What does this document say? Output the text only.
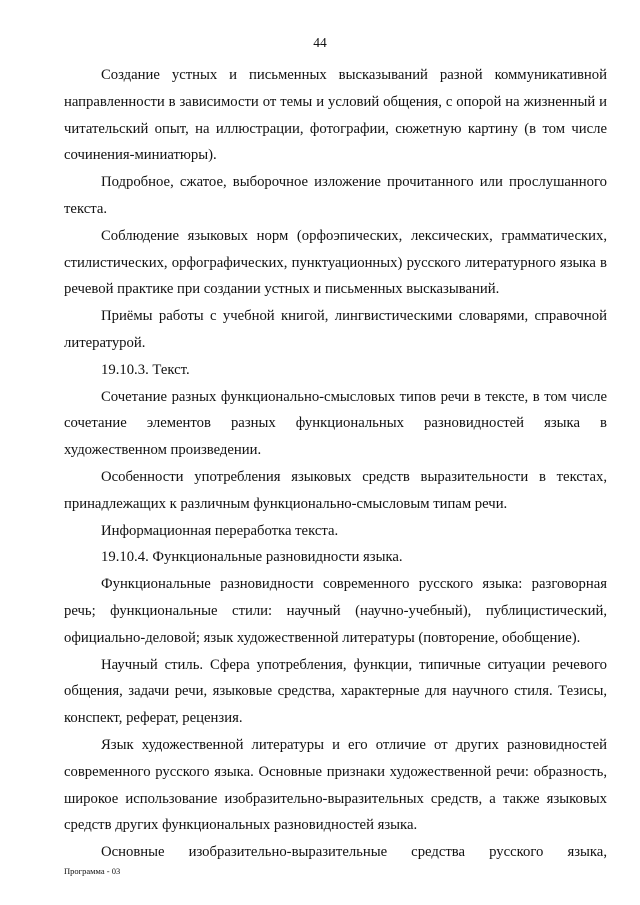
44

Создание устных и письменных высказываний разной коммуникативной направленности в зависимости от темы и условий общения, с опорой на жизненный и читательский опыт, на иллюстрации, фотографии, сюжетную картину (в том числе сочинения-миниатюры).

Подробное, сжатое, выборочное изложение прочитанного или прослушанного текста.

Соблюдение языковых норм (орфоэпических, лексических, грамматических, стилистических, орфографических, пунктуационных) русского литературного языка в речевой практике при создании устных и письменных высказываний.

Приёмы работы с учебной книгой, лингвистическими словарями, справочной литературой.

19.10.3. Текст.

Сочетание разных функционально-смысловых типов речи в тексте, в том числе сочетание элементов разных функциональных разновидностей языка в художественном произведении.

Особенности употребления языковых средств выразительности в текстах, принадлежащих к различным функционально-смысловым типам речи.

Информационная переработка текста.

19.10.4. Функциональные разновидности языка.

Функциональные разновидности современного русского языка: разговорная речь; функциональные стили: научный (научно-учебный), публицистический, официально-деловой; язык художественной литературы (повторение, обобщение).

Научный стиль. Сфера употребления, функции, типичные ситуации речевого общения, задачи речи, языковые средства, характерные для научного стиля. Тезисы, конспект, реферат, рецензия.

Язык художественной литературы и его отличие от других разновидностей современного русского языка. Основные признаки художественной речи: образность, широкое использование изобразительно-выразительных средств, а также языковых средств других функциональных разновидностей языка.

Основные изобразительно-выразительные средства русского языка,

Программа - 03
